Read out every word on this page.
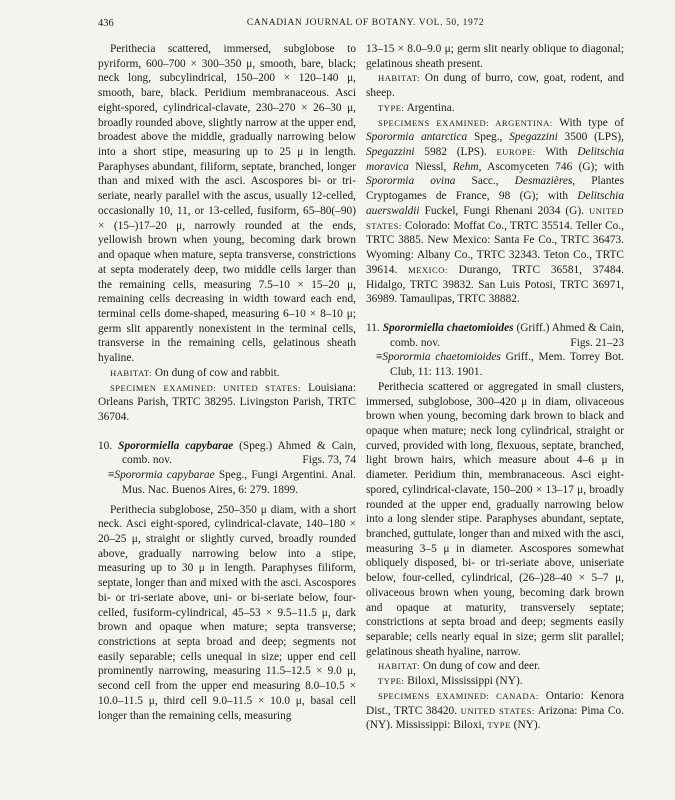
436	CANADIAN JOURNAL OF BOTANY. VOL. 50, 1972

Perithecia scattered, immersed, subglobose to pyriform, 600–700 × 300–350 μ, smooth, bare, black; neck long, subcylindrical, 150–200 × 120–140 μ, smooth, bare, black. Peridium membranaceous. Asci eight-spored, cylindrical-clavate, 230–270 × 26–30 μ, broadly rounded above, slightly narrow at the upper end, broadest above the middle, gradually narrowing below into a short stipe, measuring up to 25 μ in length. Paraphyses abundant, filiform, septate, branched, longer than and mixed with the asci. Ascospores bi- or tri-seriate, nearly parallel with the ascus, usually 12-celled, occasionally 10, 11, or 13-celled, fusiform, 65–80(–90) × (15–)17–20 μ, narrowly rounded at the ends, yellowish brown when young, becoming dark brown and opaque when mature, septa transverse, constrictions at septa moderately deep, two middle cells larger than the remaining cells, measuring 7.5–10 × 15–20 μ, remaining cells decreasing in width toward each end, terminal cells dome-shaped, measuring 6–10 × 8–10 μ; germ slit apparently nonexistent in the terminal cells, transverse in the remaining cells, gelatinous sheath hyaline.

HABITAT: On dung of cow and rabbit.

SPECIMEN EXAMINED: UNITED STATES: Louisiana: Orleans Parish, TRTC 38295. Livingston Parish, TRTC 36704.

10. Sporormiella capybarae (Speg.) Ahmed & Cain, comb. nov.	Figs. 73, 74

≡Sporormia capybarae Speg., Fungi Argentini. Anal. Mus. Nac. Buenos Aires, 6: 279. 1899.

Perithecia subglobose, 250–350 μ diam, with a short neck. Asci eight-spored, cylindrical-clavate, 140–180 × 20–25 μ, straight or slightly curved, broadly rounded above, gradually narrowing below into a stipe, measuring up to 30 μ in length. Paraphyses filiform, septate, longer than and mixed with the asci. Ascospores bi- or tri-seriate above, uni- or bi-seriate below, four-celled, fusiform-cylindrical, 45–53 × 9.5–11.5 μ, dark brown and opaque when mature; septa transverse; constrictions at septa broad and deep; segments not easily separable; cells unequal in size; upper end cell prominently narrowing, measuring 11.5–12.5 × 9.0 μ, second cell from the upper end measuring 8.0–10.5 × 10.0–11.5 μ, third cell 9.0–11.5 × 10.0 μ, basal cell longer than the remaining cells, measuring

13–15 × 8.0–9.0 μ; germ slit nearly oblique to diagonal; gelatinous sheath present.

HABITAT: On dung of burro, cow, goat, rodent, and sheep.

TYPE: Argentina.

SPECIMENS EXAMINED: ARGENTINA: With type of Sporormia antarctica Speg., Spegazzini 3500 (LPS), Spegazzini 5982 (LPS). EUROPE: With Delitschia moravica Niessl, Rehm, Ascomyceten 746 (G); with Sporormia ovina Sacc., Desmazières, Plantes Cryptogames de France, 98 (G); with Delitschia auerswaldii Fuckel, Fungi Rhenani 2034 (G). UNITED STATES: Colorado: Moffat Co., TRTC 35514. Teller Co., TRTC 3885. New Mexico: Santa Fe Co., TRTC 36473. Wyoming: Albany Co., TRTC 32343. Teton Co., TRTC 39614. MEXICO: Durango, TRTC 36581, 37484. Hidalgo, TRTC 39832. San Luis Potosi, TRTC 36971, 36989. Tamaulipas, TRTC 38882.

11. Sporormiella chaetomioides (Griff.) Ahmed & Cain, comb. nov.	Figs. 21–23

≡Sporormia chaetomioides Griff., Mem. Torrey Bot. Club, 11: 113. 1901.

Perithecia scattered or aggregated in small clusters, immersed, subglobose, 300–420 μ in diam, olivaceous brown when young, becoming dark brown to black and opaque when mature; neck long cylindrical, straight or curved, provided with long, flexuous, septate, branched, light brown hairs, which measure about 4–6 μ in diameter. Peridium thin, membranaceous. Asci eight-spored, cylindrical-clavate, 150–200 × 13–17 μ, broadly rounded at the upper end, gradually narrowing below into a long slender stipe. Paraphyses abundant, septate, branched, guttulate, longer than and mixed with the asci, measuring 3–5 μ in diameter. Ascospores somewhat obliquely disposed, bi- or tri-seriate above, uniseriate below, four-celled, cylindrical, (26–)28–40 × 5–7 μ, olivaceous brown when young, becoming dark brown and opaque at maturity, transversely septate; constrictions at septa broad and deep; segments easily separable; cells nearly equal in size; germ slit parallel; gelatinous sheath hyaline, narrow.

HABITAT: On dung of cow and deer.

TYPE: Biloxi, Mississippi (NY).

SPECIMENS EXAMINED: CANADA: Ontario: Kenora Dist., TRTC 38420. UNITED STATES: Arizona: Pima Co. (NY). Mississippi: Biloxi, TYPE (NY).
